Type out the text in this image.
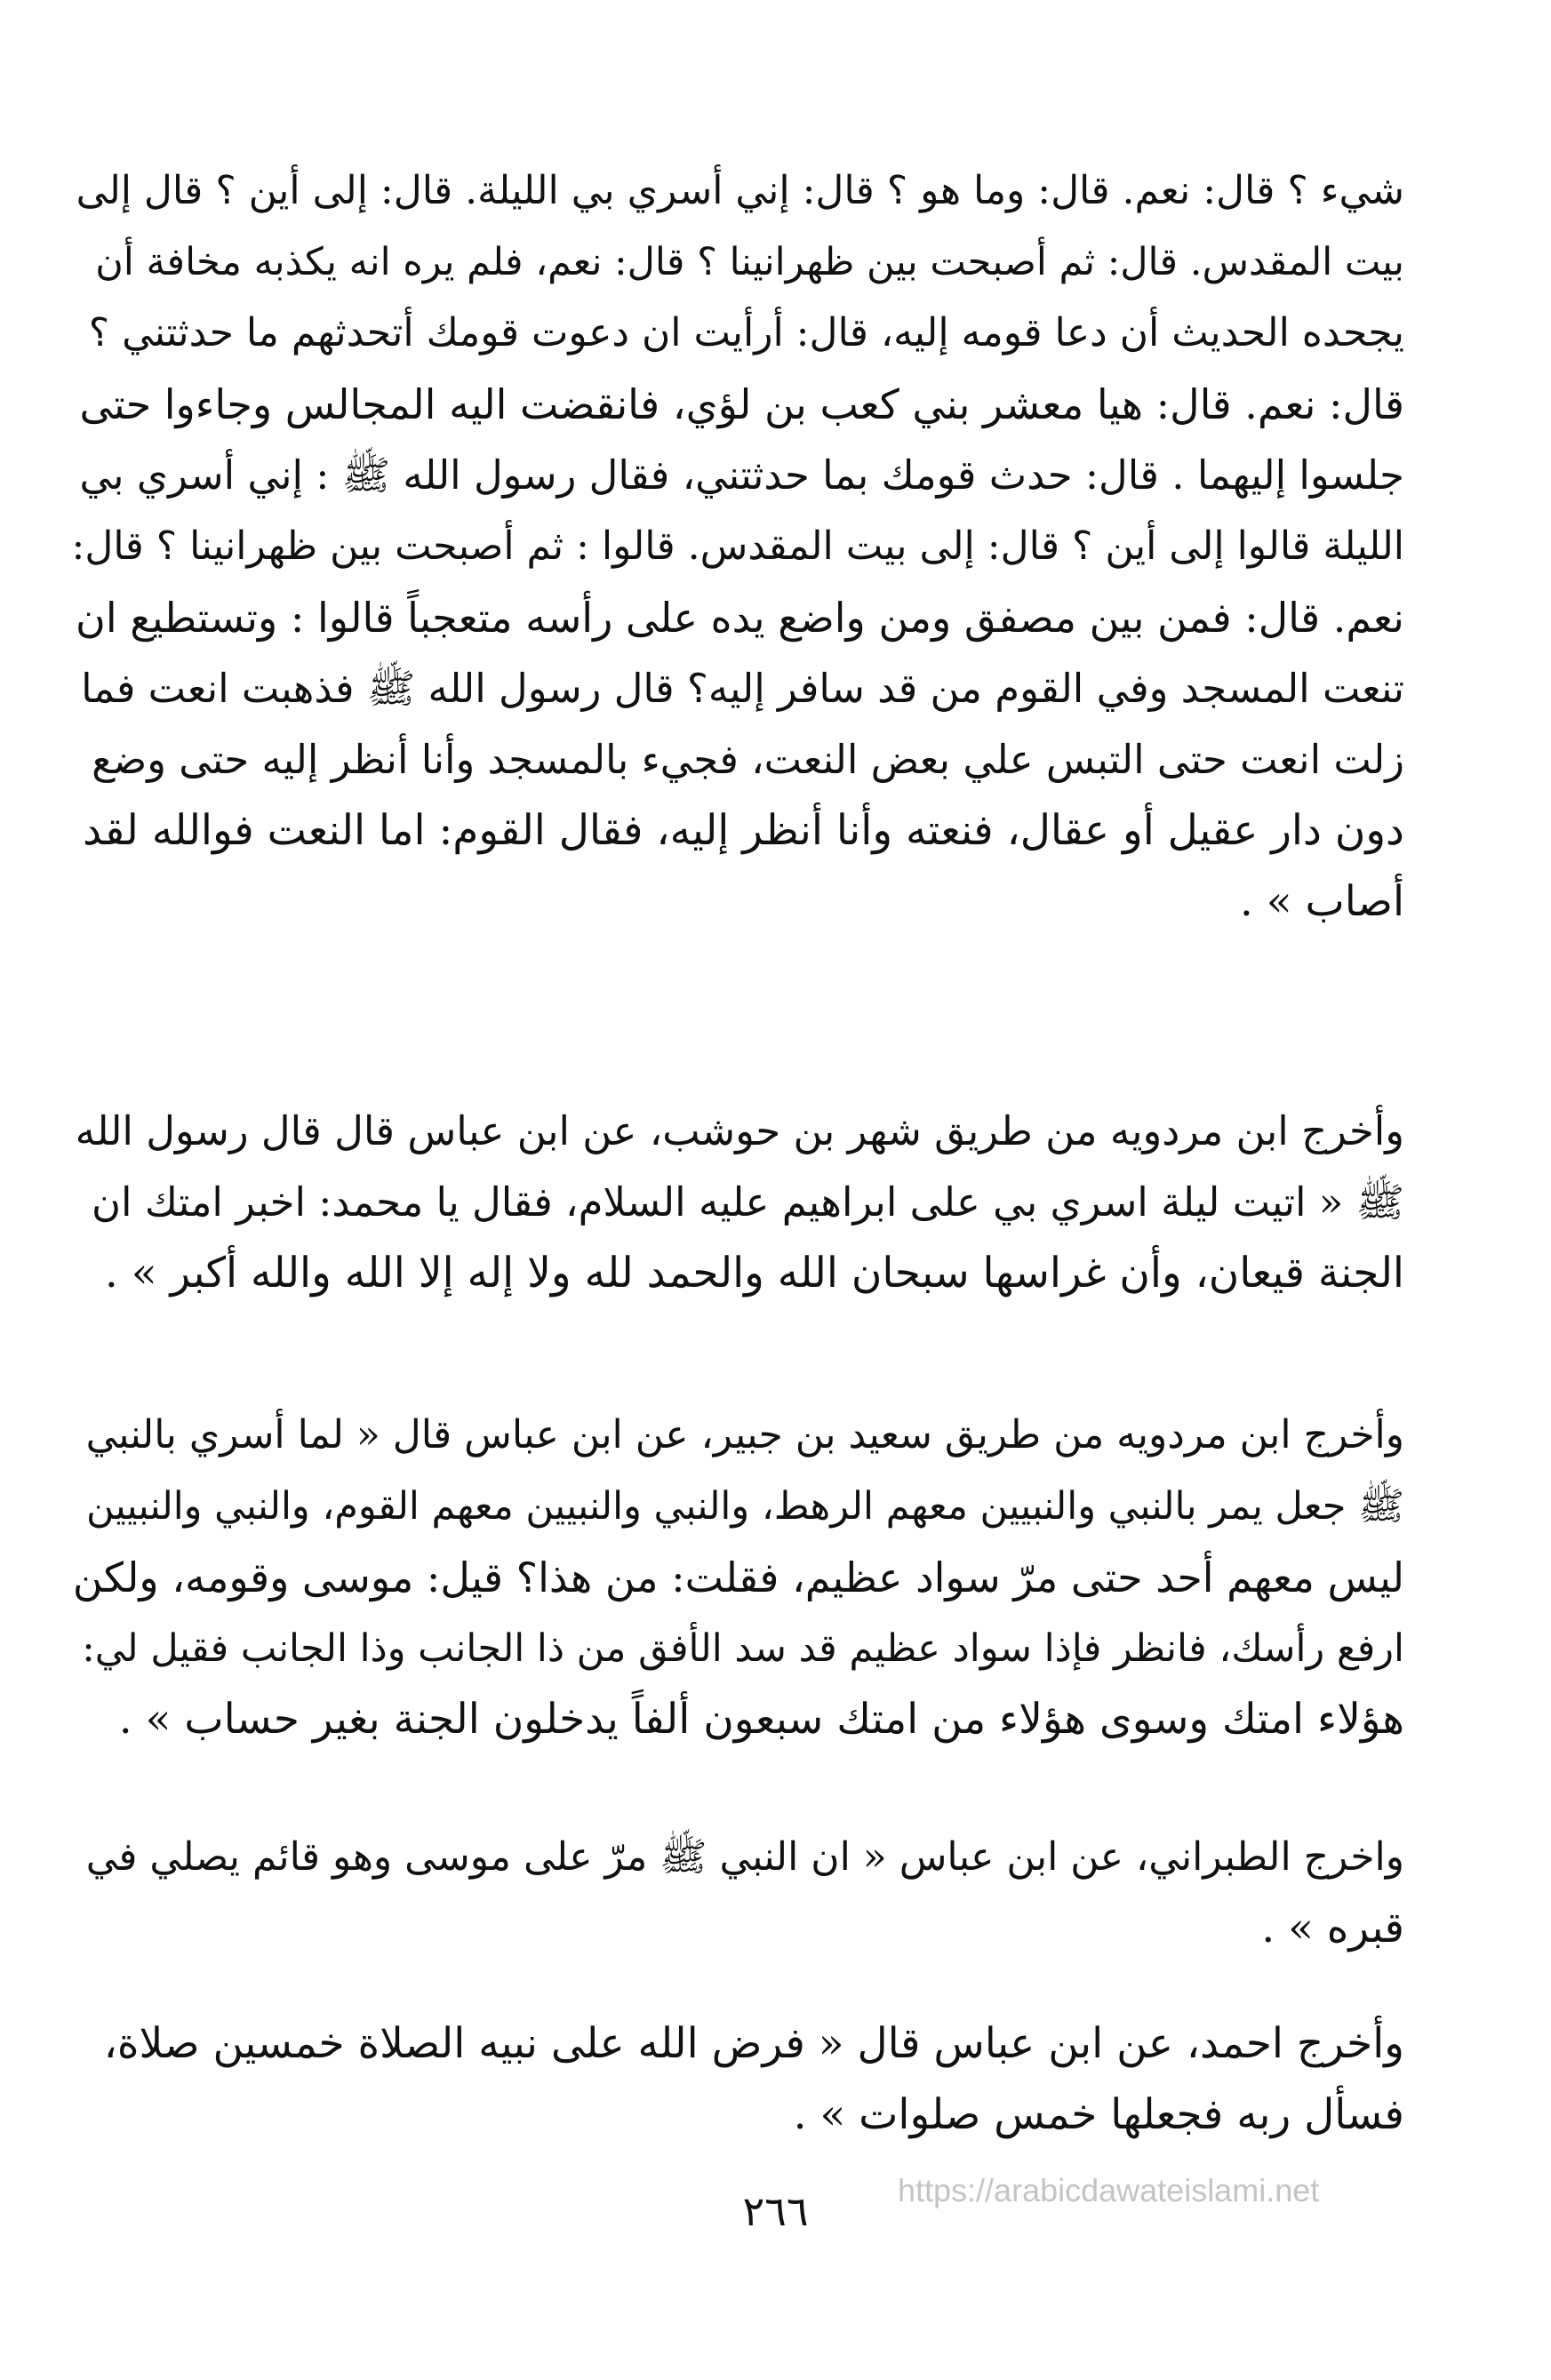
شيء ؟ قال: نعم. قال: وما هو ؟ قال: إني أسري بي الليلة. قال: إلى أين ؟ قال إلى
بيت المقدس. قال: ثم أصبحت بين ظهرانينا ؟ قال: نعم، فلم يره انه يكذبه مخافة أن
يجحده الحديث أن دعا قومه إليه، قال: أرأيت ان دعوت قومك أتحدثهم ما حدثتني ؟
قال: نعم. قال: هيا معشر بني كعب بن لؤي، فانقضت اليه المجالس وجاءوا حتى
جلسوا إليهما . قال: حدث قومك بما حدثتني، فقال رسول الله ﷺ : إني أسري بي
الليلة قالوا إلى أين ؟ قال: إلى بيت المقدس. قالوا : ثم أصبحت بين ظهرانينا ؟ قال:
نعم. قال: فمن بين مصفق ومن واضع يده على رأسه متعجباً قالوا : وتستطيع ان
تنعت المسجد وفي القوم من قد سافر إليه؟ قال رسول الله ﷺ فذهبت انعت فما
زلت انعت حتى التبس علي بعض النعت، فجيء بالمسجد وأنا أنظر إليه حتى وضع
دون دار عقيل أو عقال، فنعته وأنا أنظر إليه، فقال القوم: اما النعت فوالله لقد
أصاب » .
وأخرج ابن مردويه من طريق شهر بن حوشب، عن ابن عباس قال قال رسول الله
ﷺ « اتيت ليلة اسري بي على ابراهيم عليه السلام، فقال يا محمد: اخبر امتك ان
الجنة قيعان، وأن غراسها سبحان الله والحمد لله ولا إله إلا الله والله أكبر » .
وأخرج ابن مردويه من طريق سعيد بن جبير، عن ابن عباس قال « لما أسري بالنبي
ﷺ جعل يمر بالنبي والنبيين معهم الرهط، والنبي والنبيين معهم القوم، والنبي والنبيين
ليس معهم أحد حتى مرّ سواد عظيم، فقلت: من هذا؟ قيل: موسى وقومه، ولكن
ارفع رأسك، فانظر فإذا سواد عظيم قد سد الأفق من ذا الجانب وذا الجانب فقيل لي:
هؤلاء امتك وسوى هؤلاء من امتك سبعون ألفاً يدخلون الجنة بغير حساب » .
واخرج الطبراني، عن ابن عباس « ان النبي ﷺ مرّ على موسى وهو قائم يصلي في
قبره » .
وأخرج احمد، عن ابن عباس قال « فرض الله على نبيه الصلاة خمسين صلاة،
فسأل ربه فجعلها خمس صلوات » .
https://arabicdawateislami.net
٢٦٦
